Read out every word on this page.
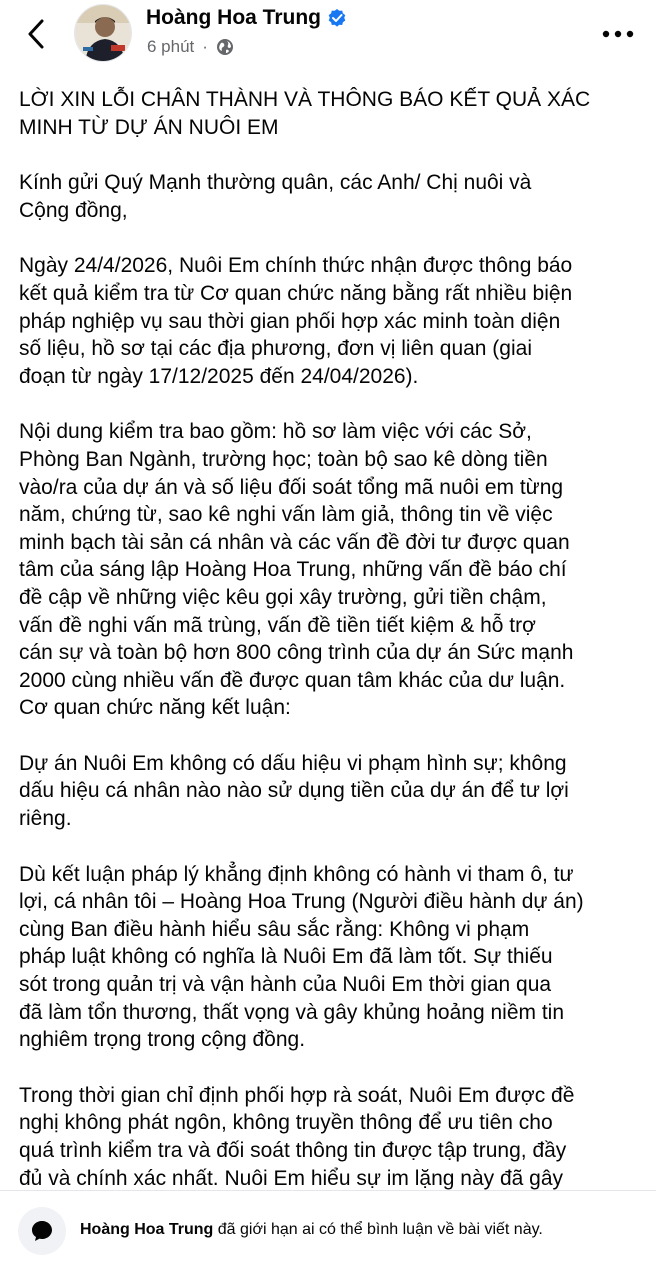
Hoàng Hoa Trung
6 phút ·

LỜI XIN LỖI CHÂN THÀNH VÀ THÔNG BÁO KẾT QUẢ XÁC
MINH TỪ DỰ ÁN NUÔI EM

Kính gửi Quý Mạnh thường quân, các Anh/ Chị nuôi và
Cộng đồng,

Ngày 24/4/2026, Nuôi Em chính thức nhận được thông báo
kết quả kiểm tra từ Cơ quan chức năng bằng rất nhiều biện
pháp nghiệp vụ sau thời gian phối hợp xác minh toàn diện
số liệu, hồ sơ tại các địa phương, đơn vị liên quan (giai
đoạn từ ngày 17/12/2025 đến 24/04/2026).

Nội dung kiểm tra bao gồm: hồ sơ làm việc với các Sở,
Phòng Ban Ngành, trường học; toàn bộ sao kê dòng tiền
vào/ra của dự án và số liệu đối soát tổng mã nuôi em từng
năm, chứng từ, sao kê nghi vấn làm giả, thông tin về việc
minh bạch tài sản cá nhân và các vấn đề đời tư được quan
tâm của sáng lập Hoàng Hoa Trung, những vấn đề báo chí
đề cập về những việc kêu gọi xây trường, gửi tiền chậm,
vấn đề nghi vấn mã trùng, vấn đề tiền tiết kiệm & hỗ trợ
cán sự và toàn bộ hơn 800 công trình của dự án Sức mạnh
2000 cùng nhiều vấn đề được quan tâm khác của dư luận.
Cơ quan chức năng kết luận:

Dự án Nuôi Em không có dấu hiệu vi phạm hình sự; không
dấu hiệu cá nhân nào nào sử dụng tiền của dự án để tư lợi
riêng.

Dù kết luận pháp lý khẳng định không có hành vi tham ô, tư
lợi, cá nhân tôi – Hoàng Hoa Trung (Người điều hành dự án)
cùng Ban điều hành hiểu sâu sắc rằng: Không vi phạm
pháp luật không có nghĩa là Nuôi Em đã làm tốt. Sự thiếu
sót trong quản trị và vận hành của Nuôi Em thời gian qua
đã làm tổn thương, thất vọng và gây khủng hoảng niềm tin
nghiêm trọng trong cộng đồng.

Trong thời gian chỉ định phối hợp rà soát, Nuôi Em được đề
nghị không phát ngôn, không truyền thông để ưu tiên cho
quá trình kiểm tra và đối soát thông tin được tập trung, đầy
đủ và chính xác nhất. Nuôi Em hiểu sự im lặng này đã gây

Hoàng Hoa Trung đã giới hạn ai có thể bình luận về bài viết này.
